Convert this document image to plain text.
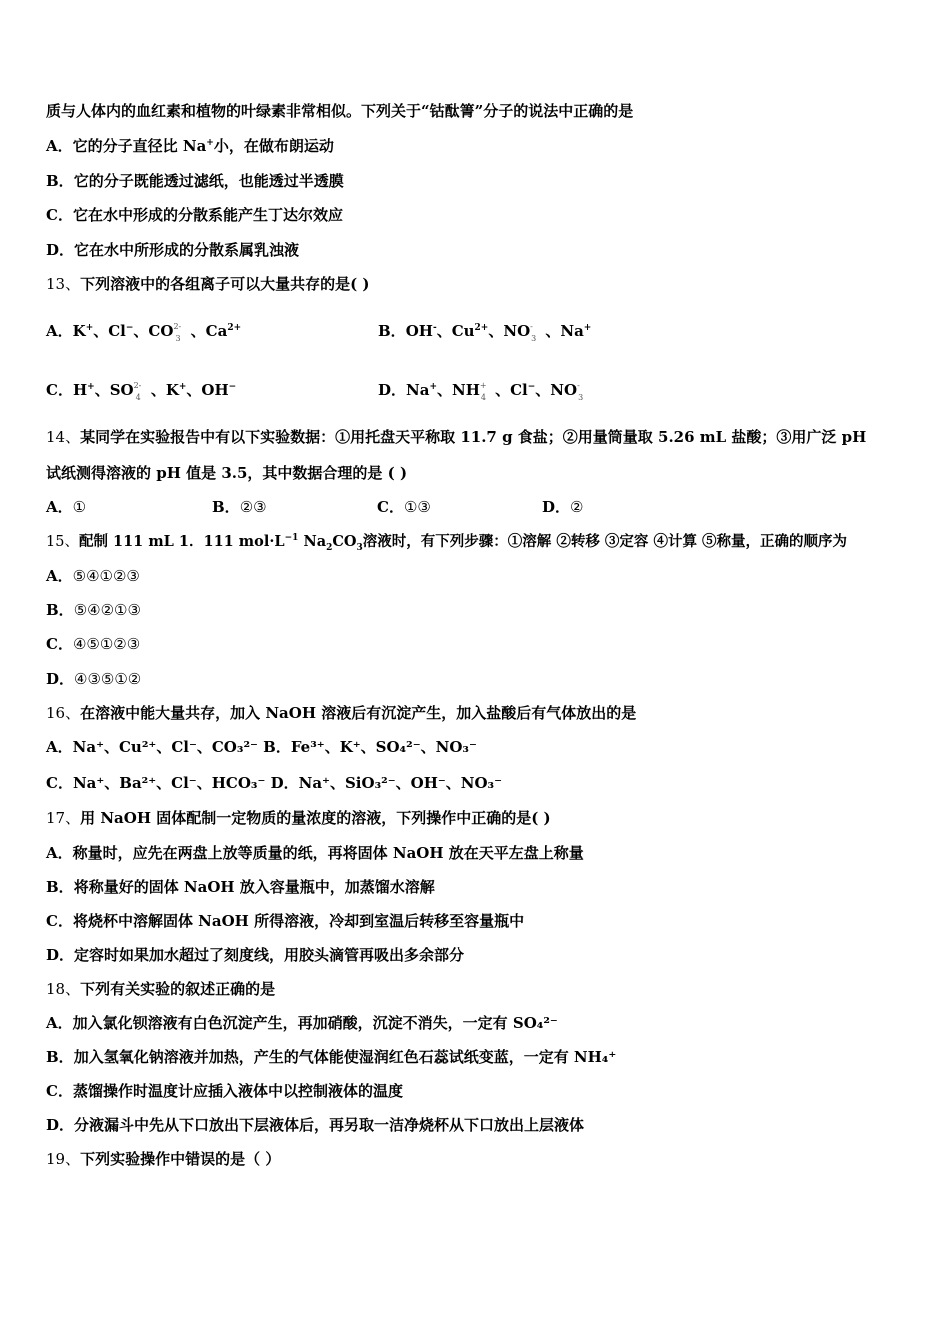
质与人体内的血红素和植物的叶绿素非常相似。下列关于“钴酞箐”分子的说法中正确的是
A．它的分子直径比 Na+小，在做布朗运动
B．它的分子既能透过滤纸，也能透过半透膜
C．它在水中形成的分散系能产生丁达尔效应
D．它在水中所形成的分散系属乳浊液
13、下列溶液中的各组离子可以大量共存的是( )
A．K+、Cl−、CO 2-
3 、$Ca^{2+}$	B．OH-、$Cu^{2+}$、NO -
3 、Na+
C．H+、SO 2-
4 、K+、OH−	D．Na+、NH +
4 、Cl−、NO -
3
14、某同学在实验报告中有以下实验数据：①用托盘天平称取 11.7 g 食盐；②用量筒量取 5.26 mL 盐酸；③用广泛 pH
试纸测得溶液的 pH 值是 3.5，其中数据合理的是 ( )
A．①	B．②③	C．①③	D．②
15、配制 111 mL 1．111 $mol\cdot L^{-1}$ $Na_2CO_3$溶液时，有下列步骤：①溶解 ②转移 ③定容 ④计算 ⑤称量，正确的顺序为
A．⑤④①②③
B．⑤④②①③
C．④⑤①②③
D．④③⑤①②
16、在溶液中能大量共存，加入 NaOH 溶液后有沉淀产生，加入盐酸后有气体放出的是
A．Na⁺、Cu²⁺、Cl⁻、CO₃²⁻ B．Fe³⁺、K⁺、SO₄²⁻、NO₃⁻
C．Na⁺、Ba²⁺、Cl⁻、HCO₃⁻ D．Na⁺、SiO₃²⁻、OH⁻、NO₃⁻
17、用 NaOH 固体配制一定物质的量浓度的溶液，下列操作中正确的是( )
A．称量时，应先在两盘上放等质量的纸，再将固体 NaOH 放在天平左盘上称量
B．将称量好的固体 NaOH 放入容量瓶中，加蒸馏水溶解
C．将烧杯中溶解固体 NaOH 所得溶液，冷却到室温后转移至容量瓶中
D．定容时如果加水超过了刻度线，用胶头滴管再吸出多余部分
18、下列有关实验的叙述正确的是
A．加入氯化钡溶液有白色沉淀产生，再加硝酸，沉淀不消失，一定有 SO₄²⁻
B．加入氢氧化钠溶液并加热，产生的气体能使湿润红色石蕊试纸变蓝，一定有 NH₄⁺
C．蒸馏操作时温度计应插入液体中以控制液体的温度
D．分液漏斗中先从下口放出下层液体后，再另取一洁净烧杯从下口放出上层液体
19、下列实验操作中错误的是（ ）
